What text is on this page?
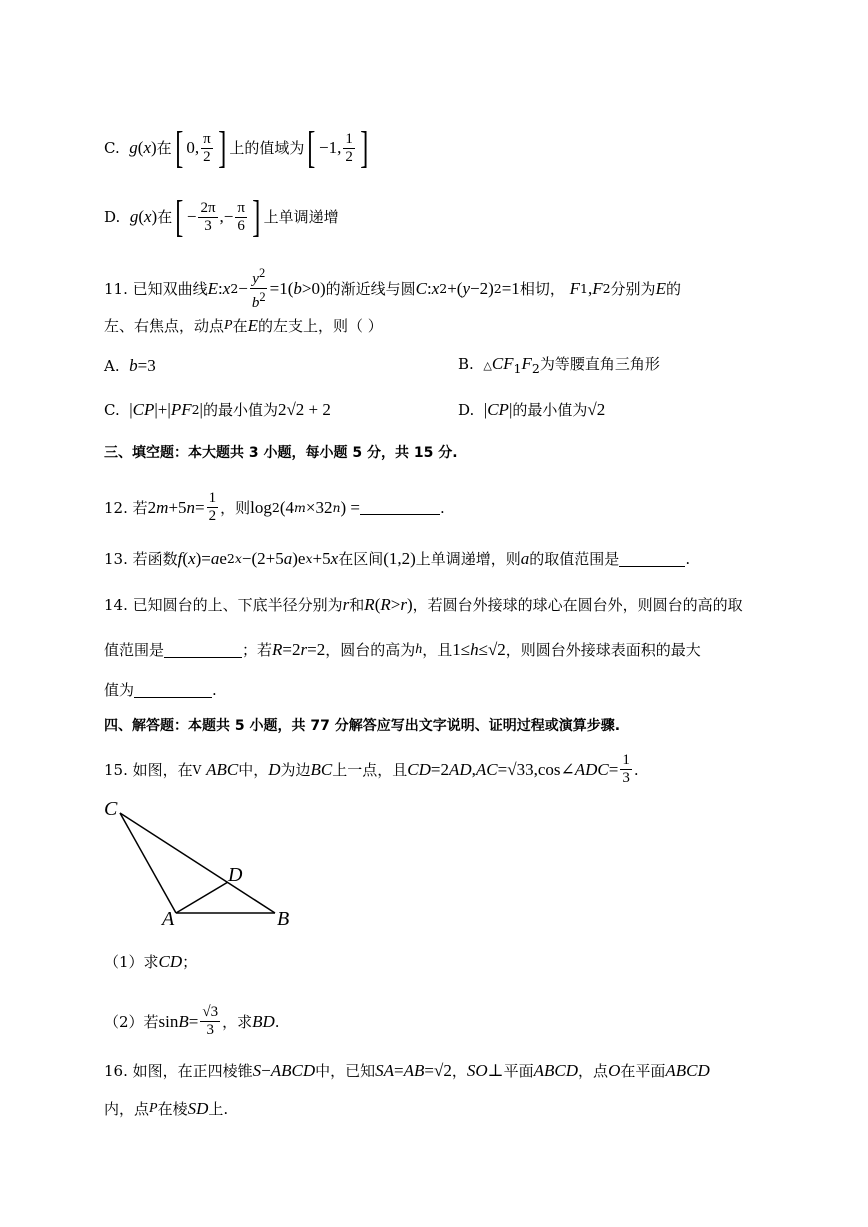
C.
g ( x ) 在 [ 0, $\frac{\pi}{2}$ ] 上的值域为 [ −1, $\frac{1}{2}$ ]
D.
g ( x ) 在 [ − $\frac{2\pi}{3}$ ,− $\frac{\pi}{6}$ ] 上单调递增
11.
已知双曲线 E : x $2 - \frac{y^2}{b^2} =1$( b >0) 的渐近线与圆 C : x 2 +( y −2) 2 =1 相切，
F 1 , F 2 分别为 E 的
左、右焦点，动点 P 在 E 的左支上，则（ ）
A.
b =3	B. $\triangle CF_1F_2$为等腰直角三角形
C.
| CP |+| PF 2 | 的最小值为 2√2 + 2	D. |CP|的最小值为√2
三、填空题：本大题共 3 小题，每小题 5 分，共 15 分.
12.
若 2 m +5 $n = \frac{1}{2}$ ，则 log 2 (4 m ×32 n ) =	.
13.
若函数 f ( x )= a e 2x −(2+5 a )e x +5 x 在区间 (1,2) 上单调递增，则 a 的取值范围是	.
14.
已知圆台的上、下底半径分别为 r 和 R ( R > r ) ，若圆台外接球的球心在圆台外，则圆台的高的取
值范围是	；若 R =2 r =2 ，圆台的高为 h ，且 1≤ h ≤√2 ，则圆台外接球表面积的最大
值为	.
四、解答题：本题共 5 小题，共 77 分解答应写出文字说明、证明过程或演算步骤.
15.
如图，在 V
ABC 中， D 为边 BC 上一点，且 CD =2 AD , AC =√33,cos∠ ADC = $\frac{1}{3}$ .
C
D
A	B
（1）求 CD ；
（2）若 $\sin B = \frac{√3}{3}$ ，求 BD .
16.
如图，在正四棱锥 S − ABCD 中，已知 SA = AB =√2 ， SO ⊥ 平面 ABCD ，点 O 在平面 ABCD
内，点 P 在棱 SD 上.
